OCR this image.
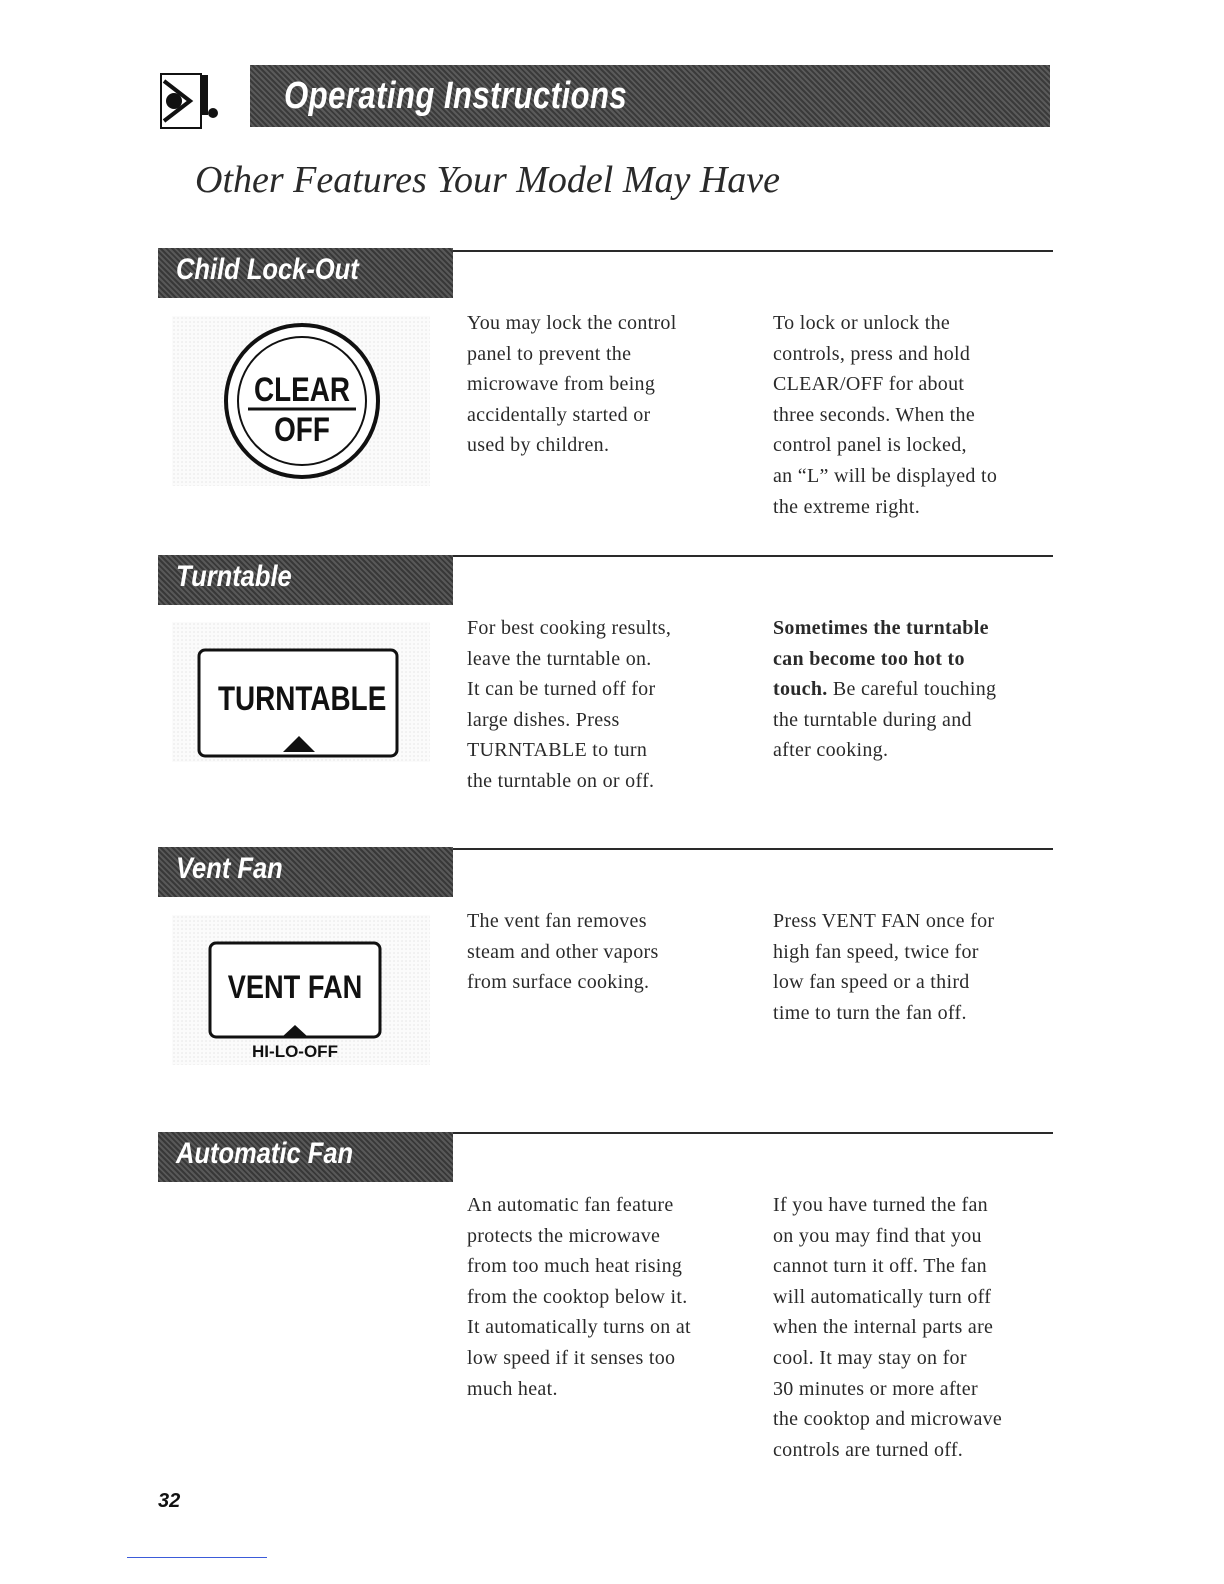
Operating Instructions
Other Features Your Model May Have
Child Lock-Out
CLEAR
OFF

You may lock the control

panel to prevent the

microwave from being

accidentally started or

used by children.

To lock or unlock the

controls, press and hold

CLEAR/OFF for about

three seconds. When the

control panel is locked,

an “L” will be displayed to

the extreme right.

Turntable
TURNTABLE

For best cooking results,

leave the turntable on.

It can be turned off for

large dishes. Press

TURNTABLE to turn

the turntable on or off.

Sometimes the turntable

can become too hot to

touch. Be careful touching

the turntable during and

after cooking.

Vent Fan
VENT FAN
HI-LO-OFF

The vent fan removes

steam and other vapors

from surface cooking.

Press VENT FAN once for

high fan speed, twice for

low fan speed or a third

time to turn the fan off.

Automatic Fan

An automatic fan feature

protects the microwave

from too much heat rising

from the cooktop below it.

It automatically turns on at

low speed if it senses too

much heat.

If you have turned the fan

on you may find that you

cannot turn it off. The fan

will automatically turn off

when the internal parts are

cool. It may stay on for

30 minutes or more after

the cooktop and microwave

controls are turned off.

32
